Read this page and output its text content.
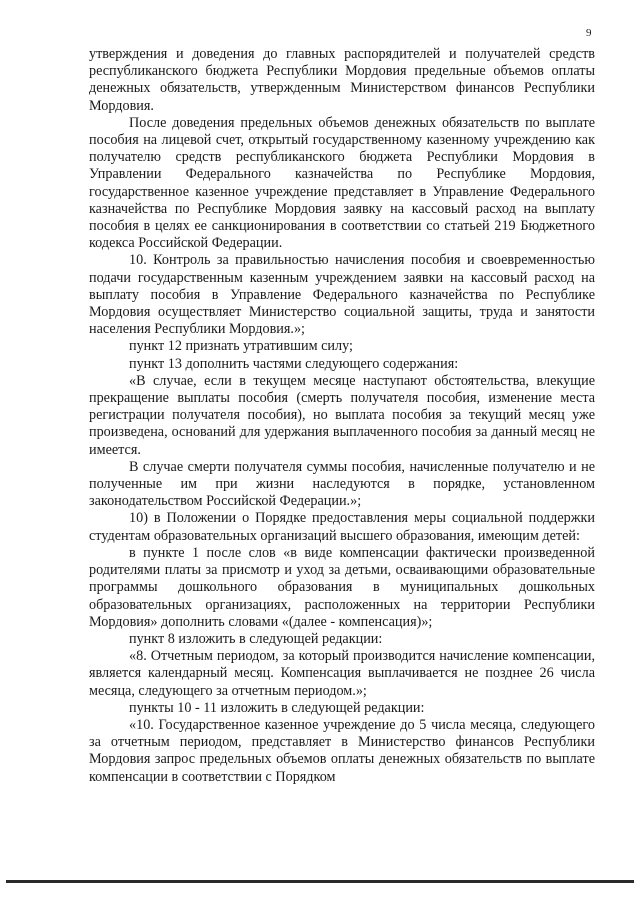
9

утверждения и доведения до главных распорядителей и получателей средств республиканского бюджета Республики Мордовия предельные объемов оплаты денежных обязательств, утвержденным Министерством финансов Республики Мордовия.

После доведения предельных объемов денежных обязательств по выплате пособия на лицевой счет, открытый государственному казенному учреждению как получателю средств республиканского бюджета Республики Мордовия в Управлении Федерального казначейства по Республике Мордовия, государственное казенное учреждение представляет в Управление Федерального казначейства по Республике Мордовия заявку на кассовый расход на выплату пособия в целях ее санкционирования в соответствии со статьей 219 Бюджетного кодекса Российской Федерации.

10. Контроль за правильностью начисления пособия и своевременностью подачи государственным казенным учреждением заявки на кассовый расход на выплату пособия в Управление Федерального казначейства по Республике Мордовия осуществляет Министерство социальной защиты, труда и занятости населения Республики Мордовия.»;

пункт 12 признать утратившим силу;

пункт 13 дополнить частями следующего содержания:

«В случае, если в текущем месяце наступают обстоятельства, влекущие прекращение выплаты пособия (смерть получателя пособия, изменение места регистрации получателя пособия), но выплата пособия за текущий месяц уже произведена, оснований для удержания выплаченного пособия за данный месяц не имеется.

В случае смерти получателя суммы пособия, начисленные получателю и не полученные им при жизни наследуются в порядке, установленном законодательством Российской Федерации.»;

10) в Положении о Порядке предоставления меры социальной поддержки студентам образовательных организаций высшего образования, имеющим детей:

в пункте 1 после слов «в виде компенсации фактически произведенной родителями платы за присмотр и уход за детьми, осваивающими образовательные программы дошкольного образования в муниципальных дошкольных образовательных организациях, расположенных на территории Республики Мордовия» дополнить словами «(далее - компенсация)»;

пункт 8 изложить в следующей редакции:

«8. Отчетным периодом, за который производится начисление компенсации, является календарный месяц. Компенсация выплачивается не позднее 26 числа месяца, следующего за отчетным периодом.»;

пункты 10 - 11 изложить в следующей редакции:

«10. Государственное казенное учреждение до 5 числа месяца, следующего за отчетным периодом, представляет в Министерство финансов Республики Мордовия запрос предельных объемов оплаты денежных обязательств по выплате компенсации в соответствии с Порядком
